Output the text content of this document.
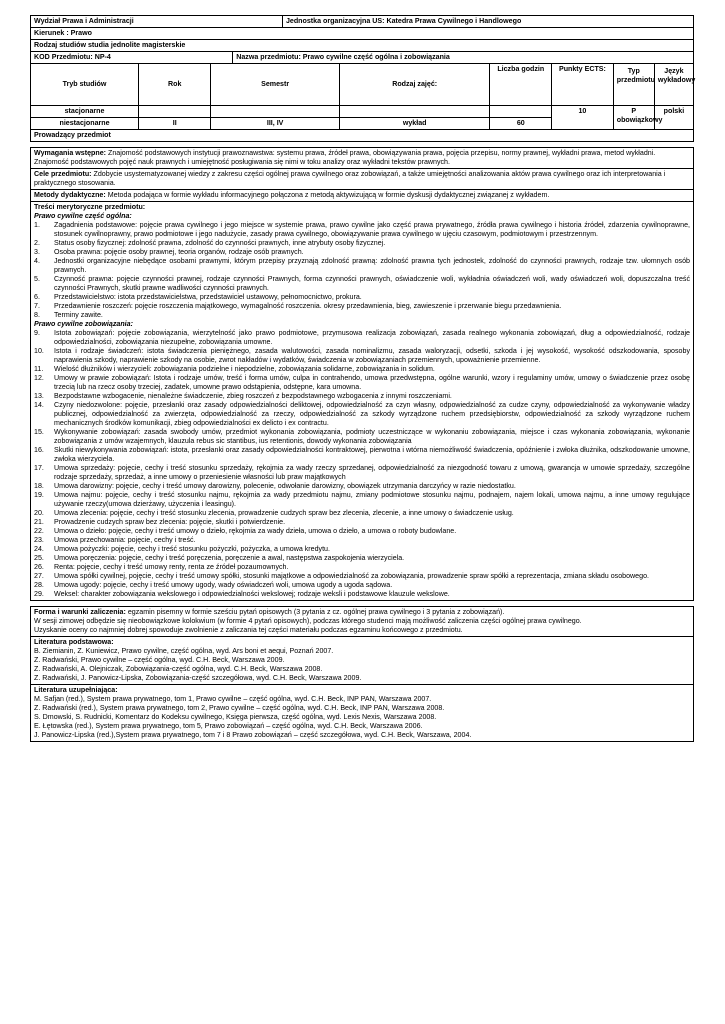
Wydział Prawa i Administracji	Jednostka organizacyjna US: Katedra Prawa Cywilnego i Handlowego
Kierunek : Prawo
Rodzaj studiów studia jednolite magisterskie
KOD Przedmiotu: NP-4	Nazwa przedmiotu: Prawo cywilne część ogólna i zobowiązania
Tryb studiów	Rok	Semestr	Rodzaj zajęć:	Liczba godzin	Punkty ECTS:	Typ przedmiotu	Język wykładowy
stacjonarne					10	P obowiązkowy	polski
niestacjonarne	II	III, IV	wykład	60			
Prowadzący przedmiot
Wymagania wstępne: Znajomość podstawowych instytucji prawoznawstwa: systemu prawa, źródeł prawa, obowiązywania prawa, pojęcia przepisu, normy prawnej, wykładni prawa, metod wykładni. Znajomość podstawowych pojęć nauk prawnych i umiejętność posługiwania się nimi w toku analizy oraz wykładni tekstów prawnych.
Cele przedmiotu: Zdobycie usystematyzowanej wiedzy z zakresu części ogólnej prawa cywilnego oraz zobowiązań, a także umiejętności analizowania aktów prawa cywilnego oraz ich interpretowania i praktycznego stosowania.
Metody dydaktyczne: Metoda podająca w formie wykładu informacyjnego połączona z metodą aktywizującą w formie dyskusji dydaktycznej związanej z wykładem.
Treści merytoryczne przedmiotu:
Prawo cywilne część ogólna:
1.	Zagadnienia podstawowe: pojęcie prawa cywilnego i jego miejsce w systemie prawa, prawo cywilne jako część prawa prywatnego, źródła prawa cywilnego i historia źródeł, zdarzenia cywilnoprawne, stosunek cywilnoprawny, prawo podmiotowe i jego nadużycie, zasady prawa cywilnego, obowiązywanie prawa cywilnego w ujęciu czasowym, podmiotowym i przestrzennym.
2.	Status osoby fizycznej: zdolność prawna, zdolność do czynności prawnych, inne atrybuty osoby fizycznej.
3.	Osoba prawna: pojęcie osoby prawnej, teoria organów, rodzaje osób prawnych.
4.	Jednostki organizacyjne niebędące osobami prawnymi, którym przepisy przyznają zdolność prawną: zdolność prawna tych jednostek, zdolność do czynności prawnych, rodzaje tzw. ułomnych osób prawnych.
5.	Czynność prawna: pojęcie czynności prawnej, rodzaje czynności Prawnych, forma czynności prawnych, oświadczenie woli, wykładnia oświadczeń woli, wady oświadczeń woli, dopuszczalna treść czynności Prawnych, skutki prawne wadliwości czynności prawnych.
6.	Przedstawicielstwo: istota przedstawicielstwa, przedstawiciel ustawowy, pełnomocnictwo, prokura.
7.	Przedawnienie roszczeń: pojęcie roszczenia majątkowego, wymagalność roszczenia. okresy przedawnienia, bieg, zawieszenie i przerwanie biegu przedawnienia.
8.	Terminy zawite.
Prawo cywilne zobowiązania:
9.	Istota zobowiązań: pojęcie zobowiązania, wierzytelność jako prawo podmiotowe, przymusowa realizacja zobowiązań, zasada realnego wykonania zobowiązań, dług a odpowiedzialność, rodzaje odpowiedzialności, zobowiązania niezupełne, zobowiązania umowne.
10.	Istota i rodzaje świadczeń: istota świadczenia pieniężnego, zasada walutowości, zasada nominalizmu, zasada waloryzacji, odsetki, szkoda i jej wysokość, wysokość odszkodowania, sposoby naprawienia szkody, naprawienie szkody na osobie, zwrot nakładów i wydatków, świadczenia w zobowiązaniach przemiennych, upoważnienie przemienne.
11.	Wielość dłużników i wierzycieli: zobowiązania podzielne i niepodzielne, zobowiązania solidarne, zobowiązania in solidum.
12.	Umowy w prawie zobowiązań: Istota i rodzaje umów, treść i forma umów, culpa in contrahendo, umowa przedwstępna, ogólne warunki, wzory i regulaminy umów, umowy o świadczenie przez osobę trzecią lub na rzecz osoby trzeciej, zadatek, umowne prawo odstąpienia, odstępne, kara umowna.
13.	Bezpodstawne wzbogacenie, nienależne świadczenie, zbieg roszczeń z bezpodstawnego wzbogacenia z innymi roszczeniami.
14.	Czyny niedozwolone: pojęcie, przesłanki oraz zasady odpowiedzialności deliktowej, odpowiedzialność za czyn własny, odpowiedzialność za cudze czyny, odpowiedzialność za wykonywanie władzy publicznej, odpowiedzialność za zwierzęta, odpowiedzialność za rzeczy, odpowiedzialność za szkody wyrządzone ruchem przedsiębiorstw, odpowiedzialność za szkody wyrządzone ruchem mechanicznych środków komunikacji, zbieg odpowiedzialności ex delicto i ex contractu.
15.	Wykonywanie zobowiązań: zasada swobody umów, przedmiot wykonania zobowiązania, podmioty uczestniczące w wykonaniu zobowiązania, miejsce i czas wykonania zobowiązania, wykonanie zobowiązania z umów wzajemnych, klauzula rebus sic stantibus, ius retentionis, dowody wykonania zobowiązania
16.	Skutki niewykonywania zobowiązań: istota, przesłanki oraz zasady odpowiedzialności kontraktowej, pierwotna i wtórna niemożliwość świadczenia, opóźnienie i zwłoka dłużnika, odszkodowanie umowne, zwłoka wierzyciela.
17.	Umowa sprzedaży: pojęcie, cechy i treść stosunku sprzedaży, rękojmia za wady rzeczy sprzedanej, odpowiedzialność za niezgodność towaru z umową, gwarancja w umowie sprzedaży, szczególne rodzaje sprzedaży, sprzedaż, a inne umowy o przeniesienie własności lub praw majątkowych
18.	Umowa darowizny: pojęcie, cechy i treść umowy darowizny, polecenie, odwołanie darowizny, obowiązek utrzymania darczyńcy w razie niedostatku.
19.	Umowa najmu: pojęcie, cechy i treść stosunku najmu, rękojmia za wady przedmiotu najmu, zmiany podmiotowe stosunku najmu, podnajem, najem lokali, umowa najmu, a inne umowy regulujące używanie rzeczy(umowa dzierżawy, użyczenia i leasingu).
20.	Umowa zlecenia: pojęcie, cechy i treść stosunku zlecenia, prowadzenie cudzych spraw bez zlecenia, zlecenie, a inne umowy o świadczenie usług.
21.	Prowadzenie cudzych spraw bez zlecenia: pojęcie, skutki i potwierdzenie.
22.	Umowa o dzieło: pojęcie, cechy i treść umowy o dzieło, rękojmia za wady dzieła, umowa o dzieło, a umowa o roboty budowlane.
23.	Umowa przechowania: pojęcie, cechy i treść.
24.	Umowa pożyczki: pojęcie, cechy i treść stosunku pożyczki, pożyczka, a umowa kredytu.
25.	Umowa poręczenia: pojęcie, cechy i treść poręczenia, poręczenie a awal, następstwa zaspokojenia wierzyciela.
26.	Renta: pojęcie, cechy i treść umowy renty, renta ze źródeł pozaumownych.
27.	Umowa spółki cywilnej, pojęcie, cechy i treść umowy spółki, stosunki majątkowe a odpowiedzialność za zobowiązania, prowadzenie spraw spółki a reprezentacja, zmiana składu osobowego.
28.	Umowa ugody: pojęcie, cechy i treść umowy ugody, wady oświadczeń woli, umowa ugody a ugoda sądowa.
29.	Weksel: charakter zobowiązania wekslowego i odpowiedzialności wekslowej; rodzaje weksli i podstawowe klauzule wekslowe.
Forma i warunki zaliczenia: egzamin pisemny w formie sześciu pytań opisowych (3 pytania z cz. ogólnej prawa cywilnego i 3 pytania z zobowiązań).
W sesji zimowej odbędzie się nieobowiązkowe kolokwium (w formie 4 pytań opisowych), podczas którego studenci mają możliwość zaliczenia części ogólnej prawa cywilnego.
Uzyskanie oceny co najmniej dobrej spowoduje zwolnienie z zaliczania tej części materiału podczas egzaminu końcowego z przedmiotu.
Literatura podstawowa:
B. Ziemianin, Z. Kuniewicz, Prawo cywilne, część ogólna, wyd. Ars boni et aequi, Poznań 2007.
Z. Radwański, Prawo cywilne – część ogólna, wyd. C.H. Beck, Warszawa 2009.
Z. Radwański, A. Olejniczak, Zobowiązania-część ogólna, wyd. C.H. Beck, Warszawa 2008.
Z. Radwański, J. Panowicz-Lipska, Zobowiązania-część szczegółowa, wyd. C.H. Beck, Warszawa 2009.
Literatura uzupełniająca:
M. Safjan (red.), System prawa prywatnego, tom 1, Prawo cywilne – część ogólna, wyd. C.H. Beck, INP PAN, Warszawa 2007.
Z. Radwański (red.), System prawa prywatnego, tom 2, Prawo cywilne – część ogólna, wyd. C.H. Beck, INP PAN, Warszawa 2008.
S. Dmowski, S. Rudnicki, Komentarz do Kodeksu cywilnego, Księga pierwsza, część ogólna, wyd. Lexis Nexis, Warszawa 2008.
E. Łętowska (red.), System prawa prywatnego, tom 5, Prawo zobowiązań – część ogólna, wyd. C.H. Beck, Warszawa 2006.
J. Panowicz-Lipska (red.),System prawa prywatnego, tom 7 i 8 Prawo zobowiązań – część szczegółowa, wyd. C.H. Beck, Warszawa, 2004.
